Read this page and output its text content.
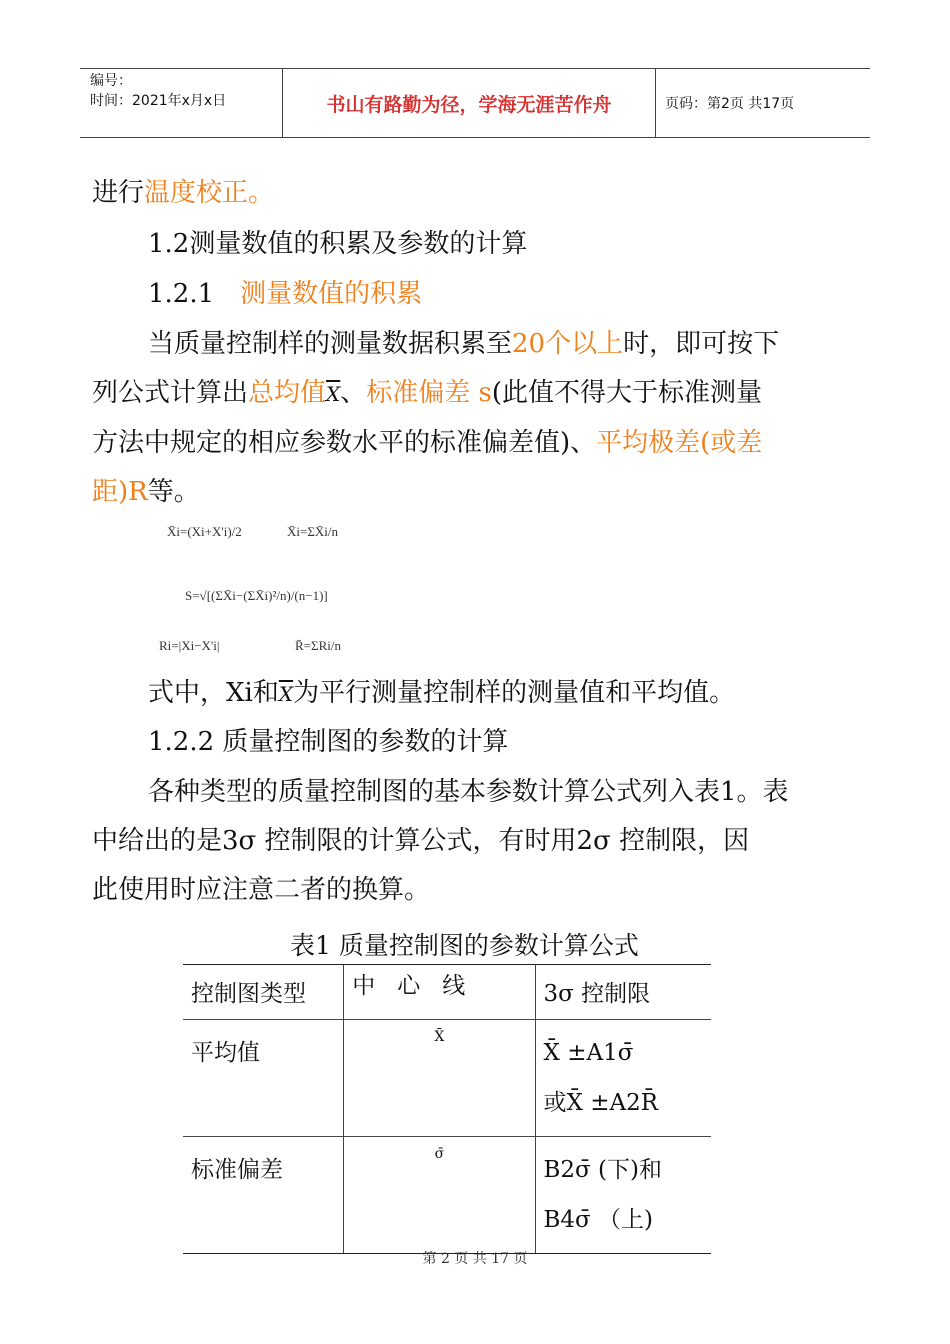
编号：
时间：2021年x月x日	书山有路勤为径，学海无涯苦作舟	页码：第2页 共17页
进行温度校正。
1.2测量数值的积累及参数的计算
1.2.1 测量数值的积累
当质量控制样的测量数据积累至20个以上时，即可按下
列公式计算出总均值$\overline{X}$、标准偏差 s(此值不得大于标准测量
方法中规定的相应参数水平的标准偏差值)、平均极差(或差
距)R等。
X̄i=(Xi+X'i)/2	X̄i=ΣX̄i/n
S=√[(ΣX̄i−(ΣX̄i)²/n)/(n−1)]
Ri=|Xi−X'i|	R̄=ΣRi/n
式中，Xi和$\overline{X}$为平行测量控制样的测量值和平均值。
1.2.2 质量控制图的参数的计算
各种类型的质量控制图的基本参数计算公式列入表1。表
中给出的是3σ 控制限的计算公式，有时用2σ 控制限，因
此使用时应注意二者的换算。
表1 质量控制图的参数计算公式
控制图类型	中心线	3σ 控制限
平均值	X̄	X̄ ±A1σ̄
或X̄ ±A2R̄

标准偏差	σ̄	B2σ̄ (下)和
B4σ̄ （上)
第 2 页 共 17 页
